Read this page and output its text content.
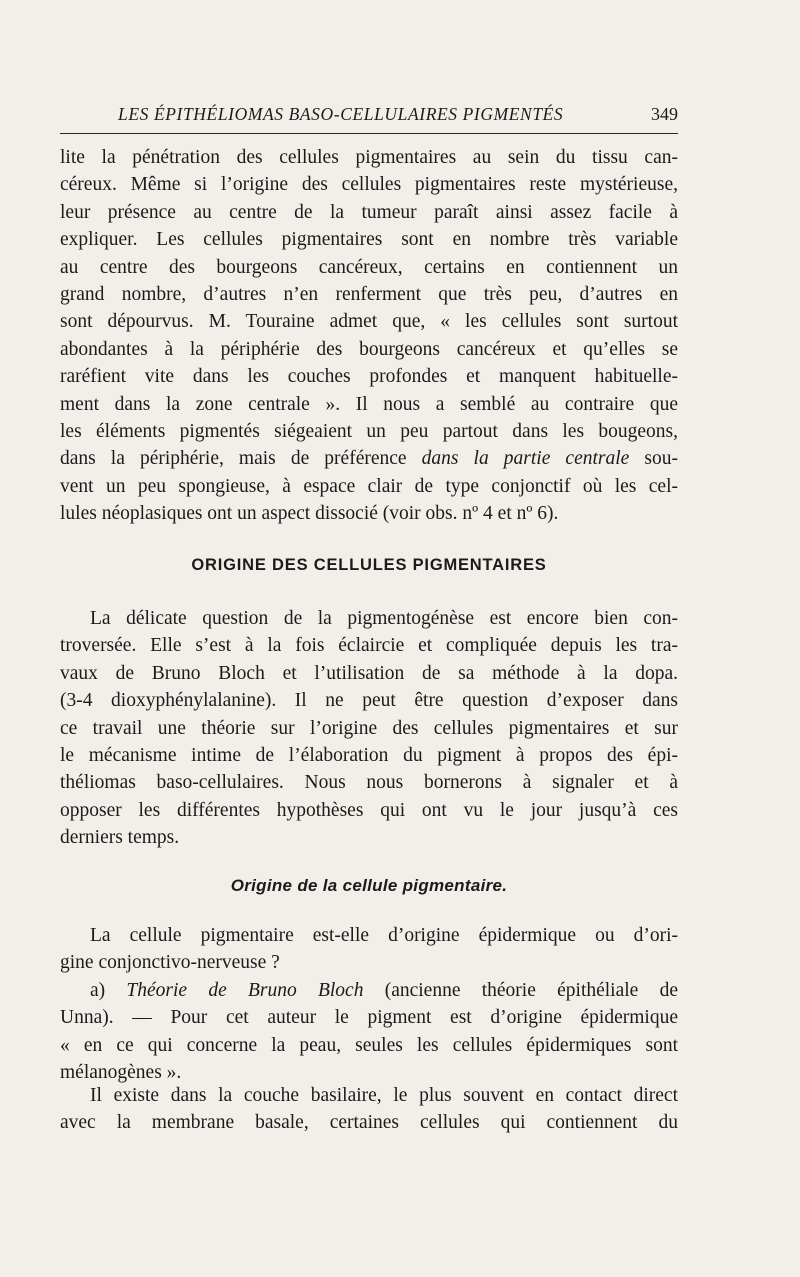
LES ÉPITHÉLIOMAS BASO-CELLULAIRES PIGMENTÉS	349
lite la pénétration des cellules pigmentaires au sein du tissu can-
céreux. Même si l’origine des cellules pigmentaires reste mystérieuse,
leur présence au centre de la tumeur paraît ainsi assez facile à
expliquer. Les cellules pigmentaires sont en nombre très variable
au centre des bourgeons cancéreux, certains en contiennent un
grand nombre, d’autres n’en renferment que très peu, d’autres en
sont dépourvus. M. Touraine admet que, « les cellules sont surtout
abondantes à la périphérie des bourgeons cancéreux et qu’elles se
raréfient vite dans les couches profondes et manquent habituelle-
ment dans la zone centrale ». Il nous a semblé au contraire que
les éléments pigmentés siégeaient un peu partout dans les bougeons,
dans la périphérie, mais de préférence dans la partie centrale sou-
vent un peu spongieuse, à espace clair de type conjonctif où les cel-
lules néoplasiques ont un aspect dissocié (voir obs. nº 4 et nº 6).
ORIGINE DES CELLULES PIGMENTAIRES
La délicate question de la pigmentogénèse est encore bien con-
troversée. Elle s’est à la fois éclaircie et compliquée depuis les tra-
vaux de Bruno Bloch et l’utilisation de sa méthode à la dopa.
(3-4 dioxyphénylalanine). Il ne peut être question d’exposer dans
ce travail une théorie sur l’origine des cellules pigmentaires et sur
le mécanisme intime de l’élaboration du pigment à propos des épi-
théliomas baso-cellulaires. Nous nous bornerons à signaler et à
opposer les différentes hypothèses qui ont vu le jour jusqu’à ces
derniers temps.
Origine de la cellule pigmentaire.
La cellule pigmentaire est-elle d’origine épidermique ou d’ori-
gine conjonctivo-nerveuse ?
a) Théorie de Bruno Bloch (ancienne théorie épithéliale de
Unna). — Pour cet auteur le pigment est d’origine épidermique
« en ce qui concerne la peau, seules les cellules épidermiques sont
mélanogènes ».
Il existe dans la couche basilaire, le plus souvent en contact direct
avec la membrane basale, certaines cellules qui contiennent du
